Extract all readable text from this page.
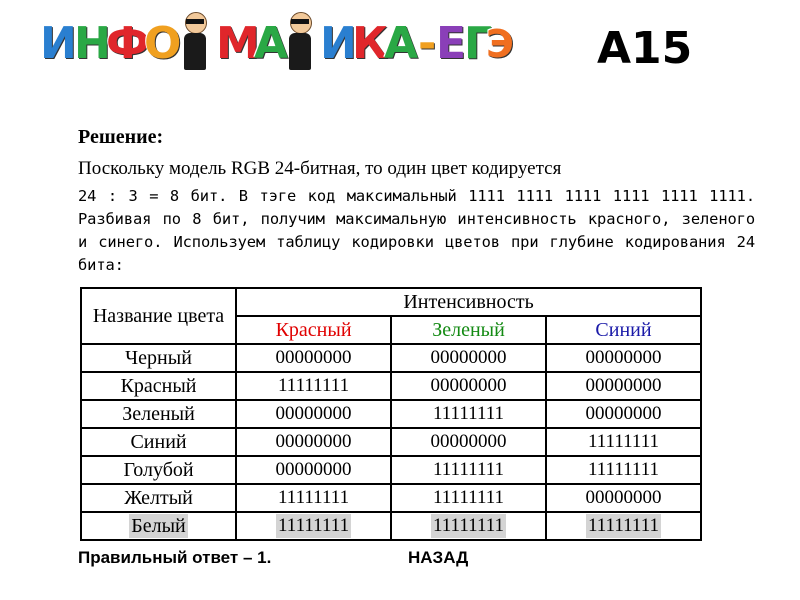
И
Н
Ф
О М
А И
К
А - Е
Г
Э А15
Решение:
Поскольку модель RGB 24-битная, то один цвет кодируется
24 : 3 = 8 бит. В тэге код максимальный 1111 1111 1111 1111 1111 1111. Разбивая по 8 бит, получим максимальную интенсивность красного, зеленого и синего. Используем таблицу кодировки цветов при глубине кодирования 24 бита:
Название цвета	Интенсивность		
	Красный	Зеленый	Синий
Черный	00000000	00000000	00000000
Красный	11111111	00000000	00000000
Зеленый	00000000	11111111	00000000
Синий	00000000	00000000	11111111
Голубой	00000000	11111111	11111111
Желтый	11111111	11111111	00000000
Белый	11111111	11111111	11111111
Правильный ответ – 1.	НАЗАД
